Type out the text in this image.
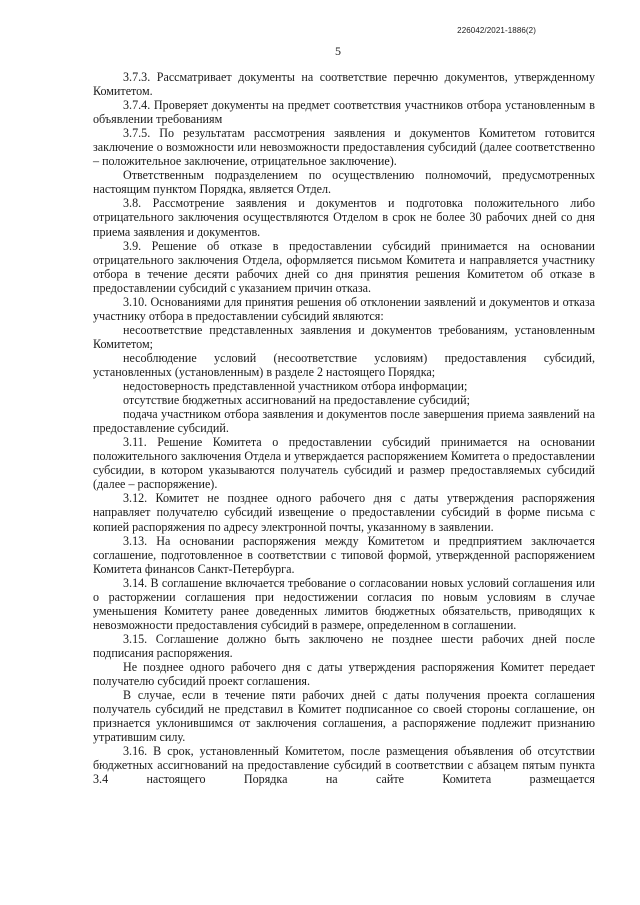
226042/2021-1886(2)
5

3.7.3. Рассматривает документы на соответствие перечню документов, утвержденному Комитетом.

3.7.4. Проверяет документы на предмет соответствия участников отбора установленным в объявлении требованиям

3.7.5. По результатам рассмотрения заявления и документов Комитетом готовится заключение о возможности или невозможности предоставления субсидий (далее соответственно – положительное заключение, отрицательное заключение).

Ответственным подразделением по осуществлению полномочий, предусмотренных настоящим пунктом Порядка, является Отдел.

3.8. Рассмотрение заявления и документов и подготовка положительного либо отрицательного заключения осуществляются Отделом в срок не более 30 рабочих дней со дня приема заявления и документов.

3.9. Решение об отказе в предоставлении субсидий принимается на основании отрицательного заключения Отдела, оформляется письмом Комитета и направляется участнику отбора в течение десяти рабочих дней со дня принятия решения Комитетом об отказе в предоставлении субсидий с указанием причин отказа.

3.10. Основаниями для принятия решения об отклонении заявлений и документов и отказа участнику отбора в предоставлении субсидий являются:

несоответствие представленных заявления и документов требованиям, установленным Комитетом;

несоблюдение условий (несоответствие условиям) предоставления субсидий, установленных (установленным) в разделе 2 настоящего Порядка;

недостоверность представленной участником отбора информации;

отсутствие бюджетных ассигнований на предоставление субсидий;

подача участником отбора заявления и документов после завершения приема заявлений на предоставление субсидий.

3.11. Решение Комитета о предоставлении субсидий принимается на основании положительного заключения Отдела и утверждается распоряжением Комитета о предоставлении субсидии, в котором указываются получатель субсидий и размер предоставляемых субсидий (далее – распоряжение).

3.12. Комитет не позднее одного рабочего дня с даты утверждения распоряжения направляет получателю субсидий извещение о предоставлении субсидий в форме письма с копией распоряжения по адресу электронной почты, указанному в заявлении.

3.13. На основании распоряжения между Комитетом и предприятием заключается соглашение, подготовленное в соответствии с типовой формой, утвержденной распоряжением Комитета финансов Санкт-Петербурга.

3.14. В соглашение включается требование о согласовании новых условий соглашения или о расторжении соглашения при недостижении согласия по новым условиям в случае уменьшения Комитету ранее доведенных лимитов бюджетных обязательств, приводящих к невозможности предоставления субсидий в размере, определенном в соглашении.

3.15. Соглашение должно быть заключено не позднее шести рабочих дней после подписания распоряжения.

Не позднее одного рабочего дня с даты утверждения распоряжения Комитет передает получателю субсидий проект соглашения.

В случае, если в течение пяти рабочих дней с даты получения проекта соглашения получатель субсидий не представил в Комитет подписанное со своей стороны соглашение, он признается уклонившимся от заключения соглашения, а распоряжение подлежит признанию утратившим силу.

3.16. В срок, установленный Комитетом, после размещения объявления об отсутствии бюджетных ассигнований на предоставление субсидий в соответствии с абзацем пятым пункта 3.4 настоящего Порядка на сайте Комитета размещается
